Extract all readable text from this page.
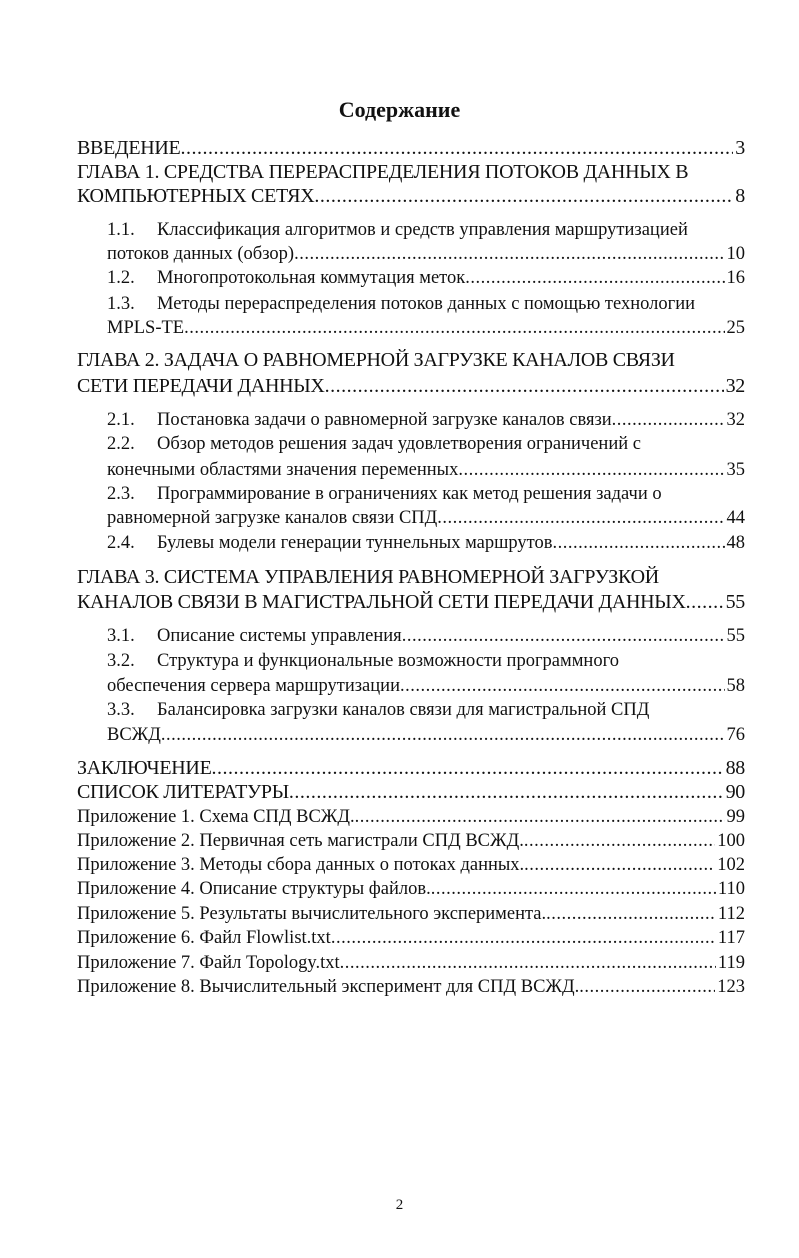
Содержание
ВВЕДЕНИЕ .....	3
ГЛАВА 1. СРЕДСТВА ПЕРЕРАСПРЕДЕЛЕНИЯ ПОТОКОВ ДАННЫХ В
КОМПЬЮТЕРНЫХ СЕТЯХ .....	8
1.1.	Классификация алгоритмов и средств управления маршрутизацией
потоков данных (обзор) .....	10
1.2.	Многопротокольная коммутация меток .....	16
1.3.	Методы перераспределения потоков данных с помощью технологии
MPLS-TE .....	25
ГЛАВА 2. ЗАДАЧА О РАВНОМЕРНОЙ ЗАГРУЗКЕ КАНАЛОВ СВЯЗИ
СЕТИ ПЕРЕДАЧИ ДАННЫХ .....	32
2.1.	Постановка задачи о равномерной загрузке каналов связи .....	32
2.2.	Обзор методов решения задач удовлетворения ограничений с
конечными областями значения переменных .....	35
2.3.	Программирование в ограничениях как метод решения задачи о
равномерной загрузке каналов связи СПД .....	44
2.4.	Булевы модели генерации туннельных маршрутов .....	48
ГЛАВА 3. СИСТЕМА УПРАВЛЕНИЯ РАВНОМЕРНОЙ ЗАГРУЗКОЙ
КАНАЛОВ СВЯЗИ В МАГИСТРАЛЬНОЙ СЕТИ ПЕРЕДАЧИ ДАННЫХ ..... 55
3.1.	Описание системы управления .....	55
3.2.	Структура и функциональные возможности программного
обеспечения сервера маршрутизации .....	58
3.3.	Балансировка загрузки каналов связи для магистральной СПД
ВСЖД .....	76
ЗАКЛЮЧЕНИЕ .....	88
СПИСОК ЛИТЕРАТУРЫ .....	90
Приложение 1. Схема СПД ВСЖД. .....	99
Приложение 2. Первичная сеть магистрали СПД ВСЖД. .....	100
Приложение 3. Методы сбора данных о потоках данных. .....	102
Приложение 4. Описание структуры файлов. .....	110
Приложение 5. Результаты вычислительного эксперимента. .....	112
Приложение 6. Файл Flowlist.txt .....	117
Приложение 7. Файл Topology.txt .....	119
Приложение 8. Вычислительный эксперимент для СПД ВСЖД. .....	123
2
